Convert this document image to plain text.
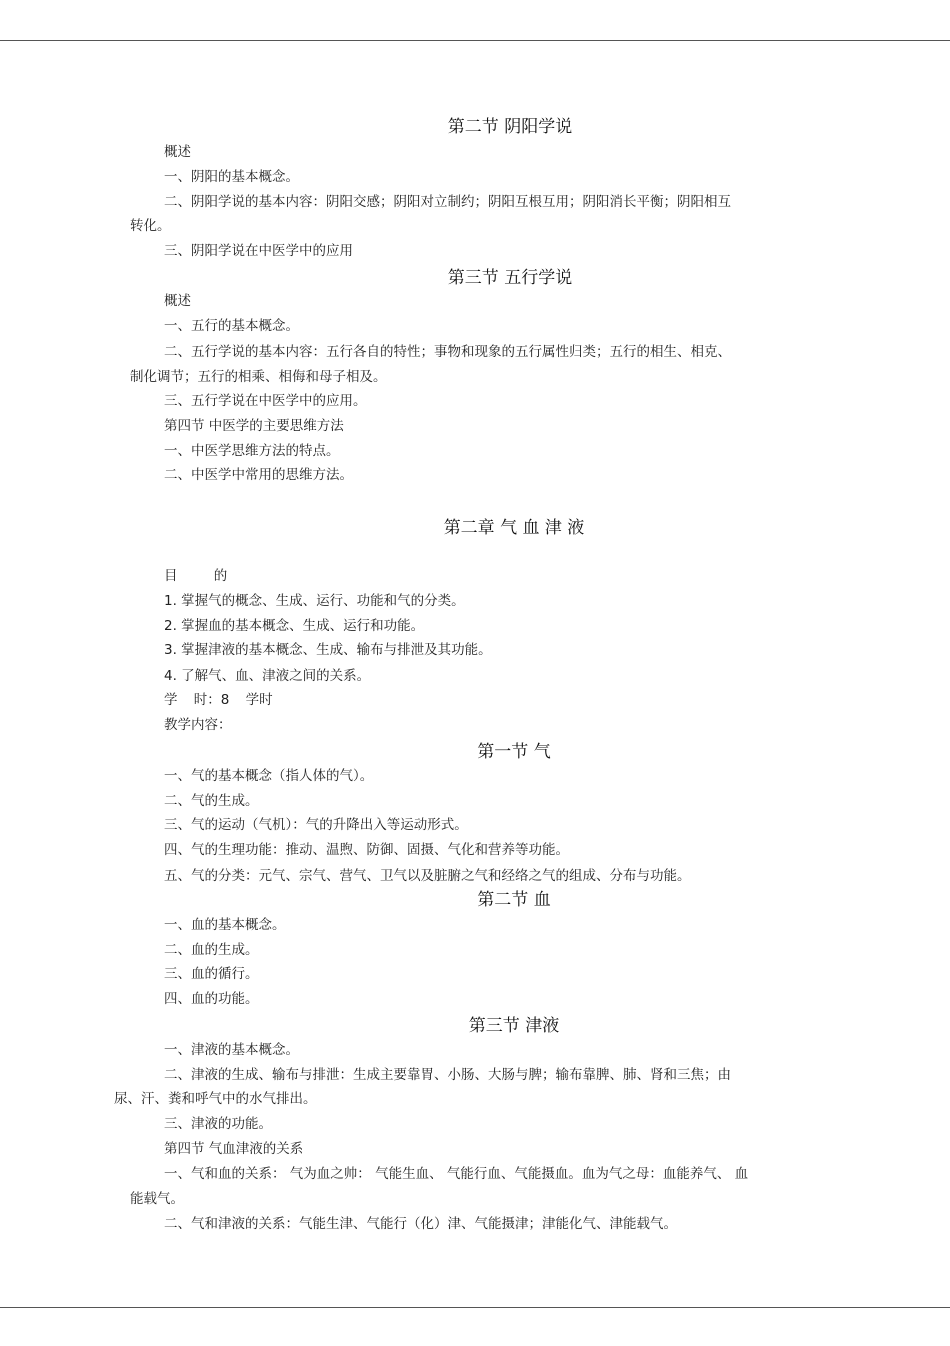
第二节 阴阳学说
概述
一、阴阳的基本概念。
二、阴阳学说的基本内容：阴阳交感；阴阳对立制约；阴阳互根互用；阴阳消长平衡；阴阳相互
转化。
三、阴阳学说在中医学中的应用
第三节 五行学说
概述
一、五行的基本概念。
二、五行学说的基本内容：五行各自的特性；事物和现象的五行属性归类；五行的相生、相克、
制化调节；五行的相乘、相侮和母子相及。
三、五行学说在中医学中的应用。
第四节 中医学的主要思维方法
一、中医学思维方法的特点。
二、中医学中常用的思维方法。
第二章 气 血 津 液
目 的
1. 掌握气的概念、生成、运行、功能和气的分类。
2. 掌握血的基本概念、生成、运行和功能。
3. 掌握津液的基本概念、生成、输布与排泄及其功能。
4. 了解气、血、津液之间的关系。
学 时：8 学时
教学内容：
第一节 气
一、气的基本概念（指人体的气）。
二、气的生成。
三、气的运动（气机）：气的升降出入等运动形式。
四、气的生理功能：推动、温煦、防御、固摄、气化和营养等功能。
五、气的分类：元气、宗气、营气、卫气以及脏腑之气和经络之气的组成、分布与功能。
第二节 血
一、血的基本概念。
二、血的生成。
三、血的循行。
四、血的功能。
第三节 津液
一、津液的基本概念。
二、津液的生成、输布与排泄：生成主要靠胃、小肠、大肠与脾；输布靠脾、肺、肾和三焦；由
尿、汗、粪和呼气中的水气排出。
三、津液的功能。
第四节 气血津液的关系
一、气和血的关系： 气为血之帅： 气能生血、 气能行血、气能摄血。血为气之母：血能养气、 血
能载气。
二、气和津液的关系：气能生津、气能行（化）津、气能摄津；津能化气、津能载气。
